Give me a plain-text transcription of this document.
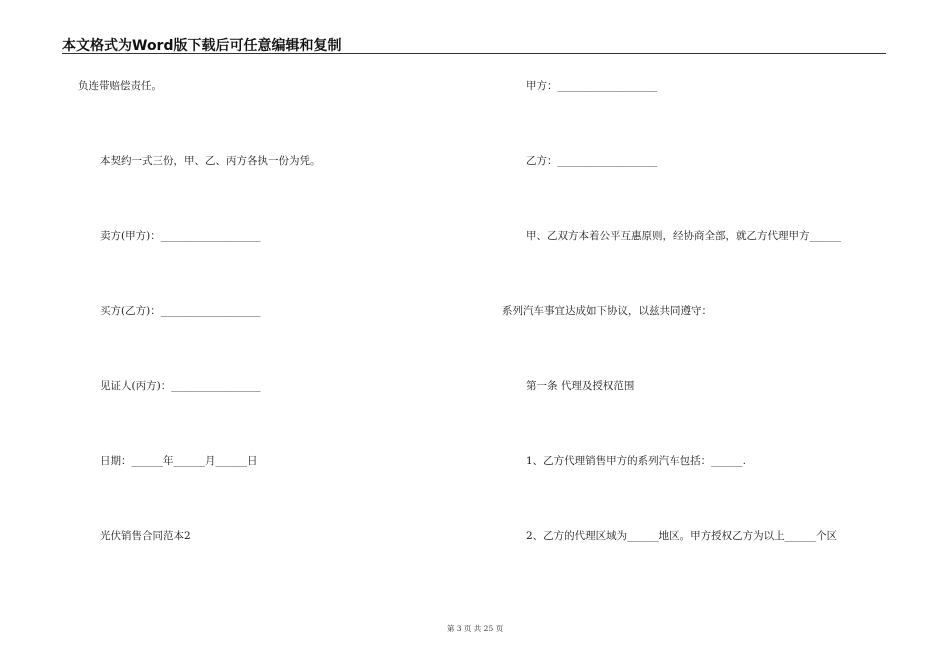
本文格式为Word版下载后可任意编辑和复制
负连带赔偿责任。
本契约一式三份，甲、乙、丙方各执一份为凭。
卖方(甲方)：___________________
买方(乙方)：___________________
见证人(丙方)：_________________
日期：______年______月______日
光伏销售合同范本2
甲方：___________________
乙方：___________________
甲、乙双方本着公平互惠原则，经协商全部，就乙方代理甲方______
系列汽车事宜达成如下协议，以兹共同遵守：
第一条 代理及授权范围
1、乙方代理销售甲方的系列汽车包括：______.
2、乙方的代理区域为______地区。甲方授权乙方为以上______个区
第 3 页 共 25 页
